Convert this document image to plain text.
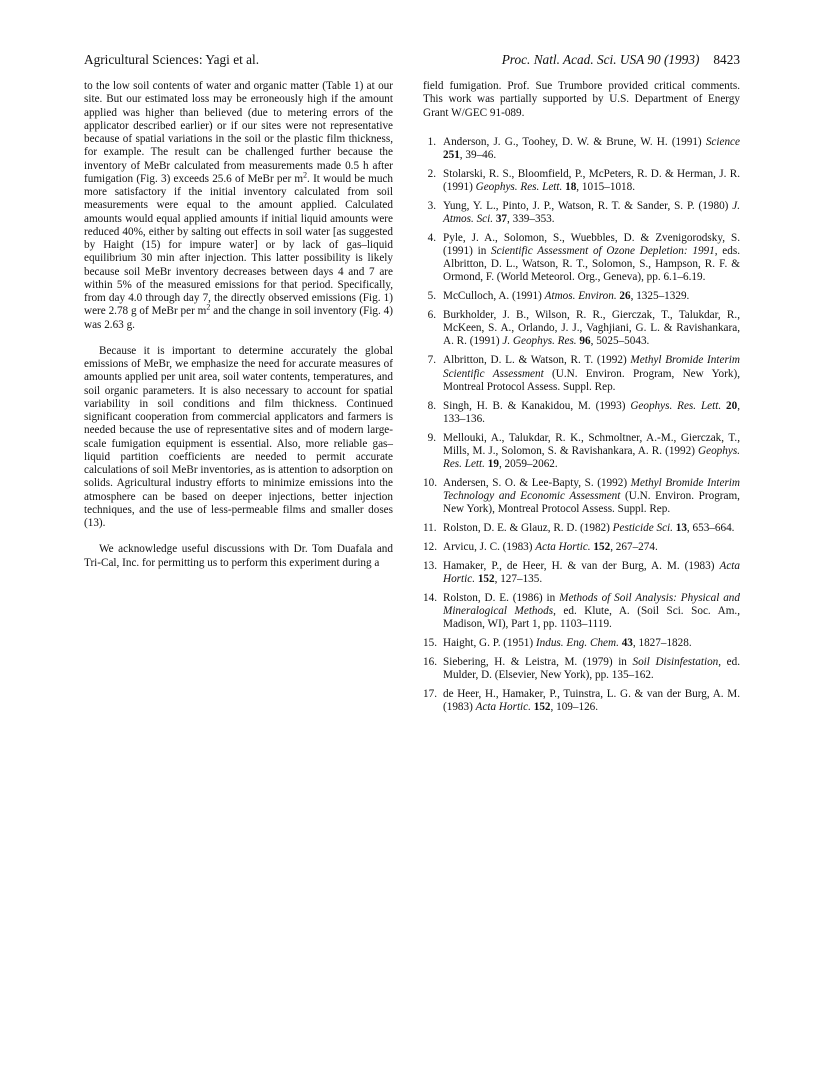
Agricultural Sciences: Yagi et al.	Proc. Natl. Acad. Sci. USA 90 (1993) 8423

to the low soil contents of water and organic matter (Table 1) at our site. But our estimated loss may be erroneously high if the amount applied was higher than believed (due to metering errors of the applicator described earlier) or if our sites were not representative because of spatial variations in the soil or the plastic film thickness, for example. The result can be challenged further because the inventory of MeBr calculated from measurements made 0.5 h after fumigation (Fig. 3) exceeds 25.6 of MeBr per $m^2$. It would be much more satisfactory if the initial inventory calculated from soil measurements were equal to the amount applied. Calculated amounts would equal applied amounts if initial liquid amounts were reduced 40%, either by salting out effects in soil water [as suggested by Haight (15) for impure water] or by lack of gas–liquid equilibrium 30 min after injection. This latter possibility is likely because soil MeBr inventory decreases between days 4 and 7 are within 5% of the measured emissions for that period. Specifically, from day 4.0 through day 7, the directly observed emissions (Fig. 1) were 2.78 g of MeBr per $m^2$ and the change in soil inventory (Fig. 4) was 2.63 g.

Because it is important to determine accurately the global emissions of MeBr, we emphasize the need for accurate measures of amounts applied per unit area, soil water contents, temperatures, and soil organic parameters. It is also necessary to account for spatial variability in soil conditions and film thickness. Continued significant cooperation from commercial applicators and farmers is needed because the use of representative sites and of modern large-scale fumigation equipment is essential. Also, more reliable gas–liquid partition coefficients are needed to permit accurate calculations of soil MeBr inventories, as is attention to adsorption on solids. Agricultural industry efforts to minimize emissions into the atmosphere can be based on deeper injections, better injection techniques, and the use of less-permeable films and smaller doses (13).

We acknowledge useful discussions with Dr. Tom Duafala and Tri-Cal, Inc. for permitting us to perform this experiment during a

field fumigation. Prof. Sue Trumbore provided critical comments. This work was partially supported by U.S. Department of Energy Grant W/GEC 91-089.

1. Anderson, J. G., Toohey, D. W. & Brune, W. H. (1991) Science 251, 39–46.
2. Stolarski, R. S., Bloomfield, P., McPeters, R. D. & Herman, J. R. (1991) Geophys. Res. Lett. 18, 1015–1018.
3. Yung, Y. L., Pinto, J. P., Watson, R. T. & Sander, S. P. (1980) J. Atmos. Sci. 37, 339–353.
4. Pyle, J. A., Solomon, S., Wuebbles, D. & Zvenigorodsky, S. (1991) in Scientific Assessment of Ozone Depletion: 1991, eds. Albritton, D. L., Watson, R. T., Solomon, S., Hampson, R. F. & Ormond, F. (World Meteorol. Org., Geneva), pp. 6.1–6.19.
5. McCulloch, A. (1991) Atmos. Environ. 26, 1325–1329.
6. Burkholder, J. B., Wilson, R. R., Gierczak, T., Talukdar, R., McKeen, S. A., Orlando, J. J., Vaghjiani, G. L. & Ravishankara, A. R. (1991) J. Geophys. Res. 96, 5025–5043.
7. Albritton, D. L. & Watson, R. T. (1992) Methyl Bromide Interim Scientific Assessment (U.N. Environ. Program, New York), Montreal Protocol Assess. Suppl. Rep.
8. Singh, H. B. & Kanakidou, M. (1993) Geophys. Res. Lett. 20, 133–136.
9. Mellouki, A., Talukdar, R. K., Schmoltner, A.-M., Gierczak, T., Mills, M. J., Solomon, S. & Ravishankara, A. R. (1992) Geophys. Res. Lett. 19, 2059–2062.
10. Andersen, S. O. & Lee-Bapty, S. (1992) Methyl Bromide Interim Technology and Economic Assessment (U.N. Environ. Program, New York), Montreal Protocol Assess. Suppl. Rep.
11. Rolston, D. E. & Glauz, R. D. (1982) Pesticide Sci. 13, 653–664.
12. Arvicu, J. C. (1983) Acta Hortic. 152, 267–274.
13. Hamaker, P., de Heer, H. & van der Burg, A. M. (1983) Acta Hortic. 152, 127–135.
14. Rolston, D. E. (1986) in Methods of Soil Analysis: Physical and Mineralogical Methods, ed. Klute, A. (Soil Sci. Soc. Am., Madison, WI), Part 1, pp. 1103–1119.
15. Haight, G. P. (1951) Indus. Eng. Chem. 43, 1827–1828.
16. Siebering, H. & Leistra, M. (1979) in Soil Disinfestation, ed. Mulder, D. (Elsevier, New York), pp. 135–162.
17. de Heer, H., Hamaker, P., Tuinstra, L. G. & van der Burg, A. M. (1983) Acta Hortic. 152, 109–126.
